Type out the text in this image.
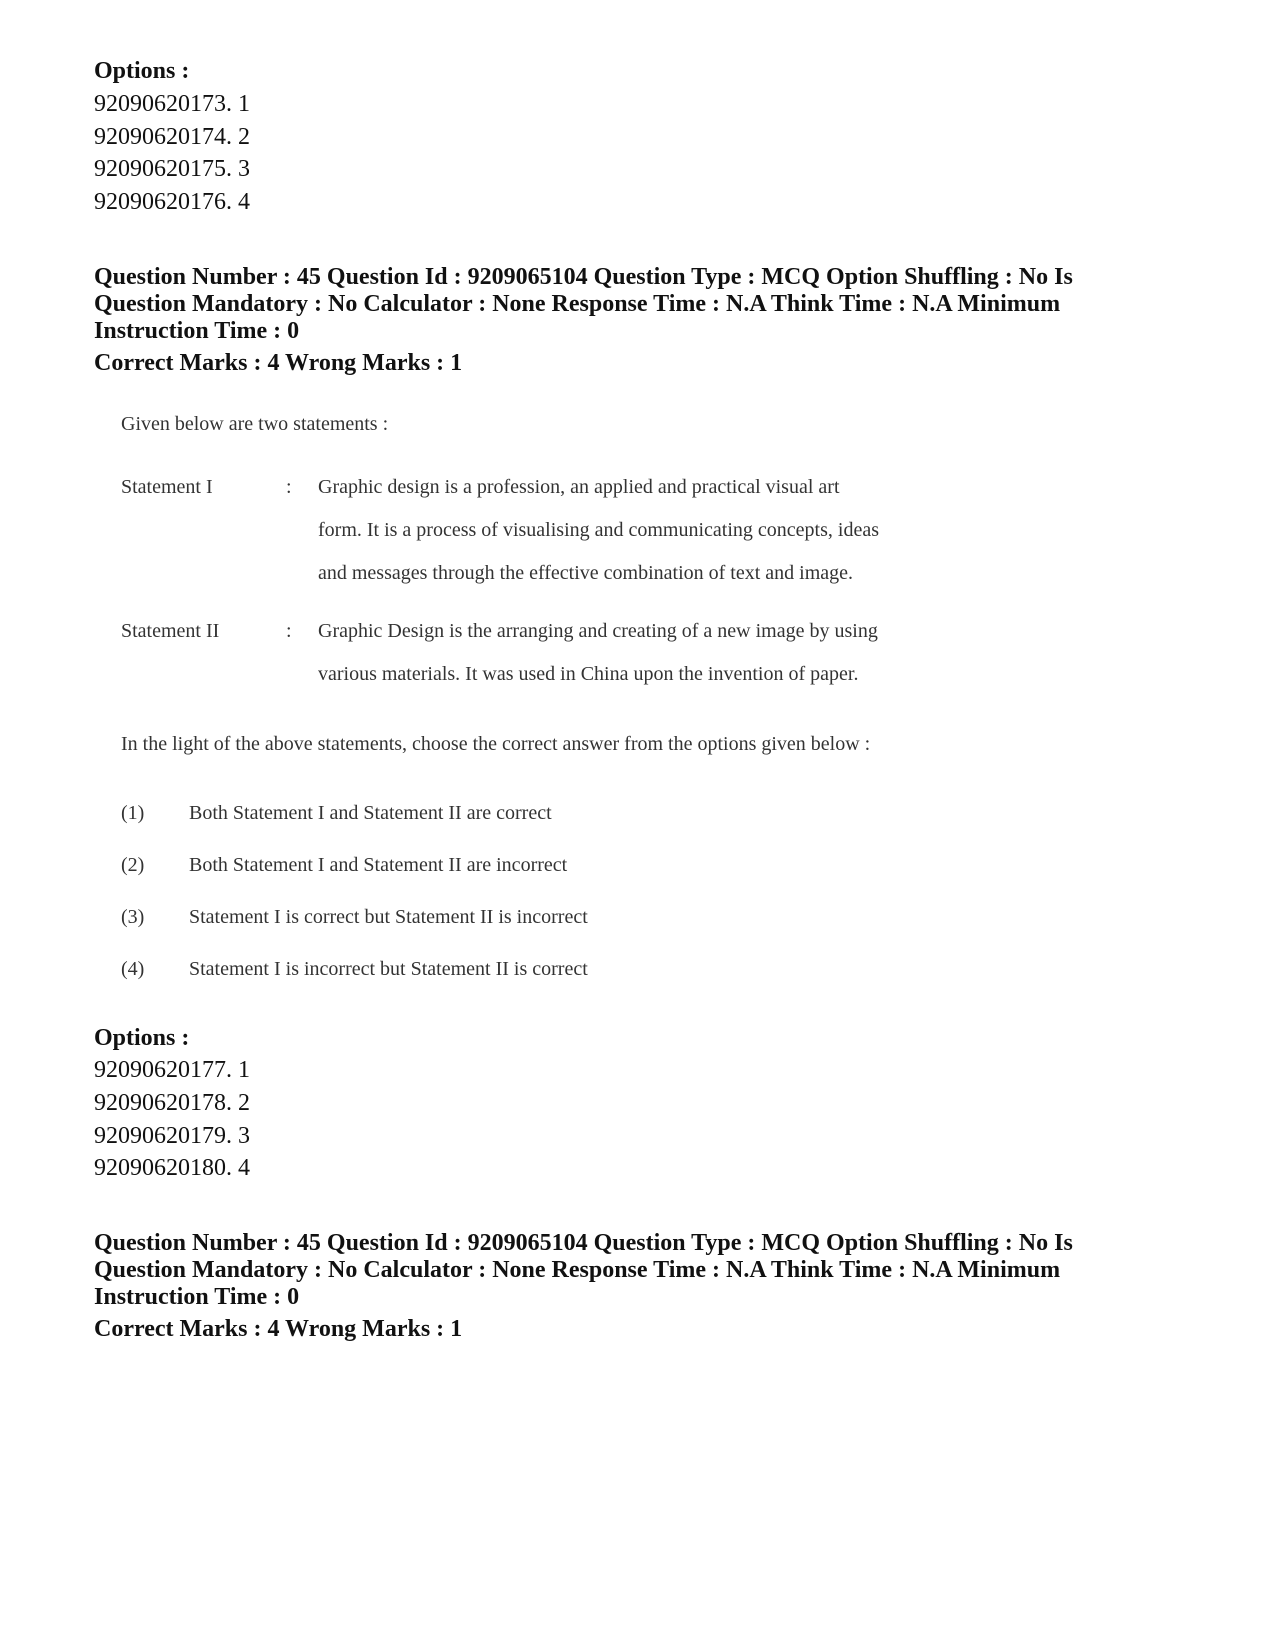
Options :
92090620173. 1
92090620174. 2
92090620175. 3
92090620176. 4
Question Number : 45 Question Id : 9209065104 Question Type : MCQ Option Shuffling : No Is
Question Mandatory : No Calculator : None Response Time : N.A Think Time : N.A Minimum
Instruction Time : 0
Correct Marks : 4 Wrong Marks : 1
Given below are two statements :
Statement I	: Graphic design is a profession, an applied and practical visual art
form. It is a process of visualising and communicating concepts, ideas
and messages through the effective combination of text and image.
Statement II	: Graphic Design is the arranging and creating of a new image by using
various materials. It was used in China upon the invention of paper.
In the light of the above statements, choose the correct answer from the options given below :
(1) Both Statement I and Statement II are correct
(2) Both Statement I and Statement II are incorrect
(3) Statement I is correct but Statement II is incorrect
(4) Statement I is incorrect but Statement II is correct
Options :
92090620177. 1
92090620178. 2
92090620179. 3
92090620180. 4
Question Number : 45 Question Id : 9209065104 Question Type : MCQ Option Shuffling : No Is
Question Mandatory : No Calculator : None Response Time : N.A Think Time : N.A Minimum
Instruction Time : 0
Correct Marks : 4 Wrong Marks : 1
